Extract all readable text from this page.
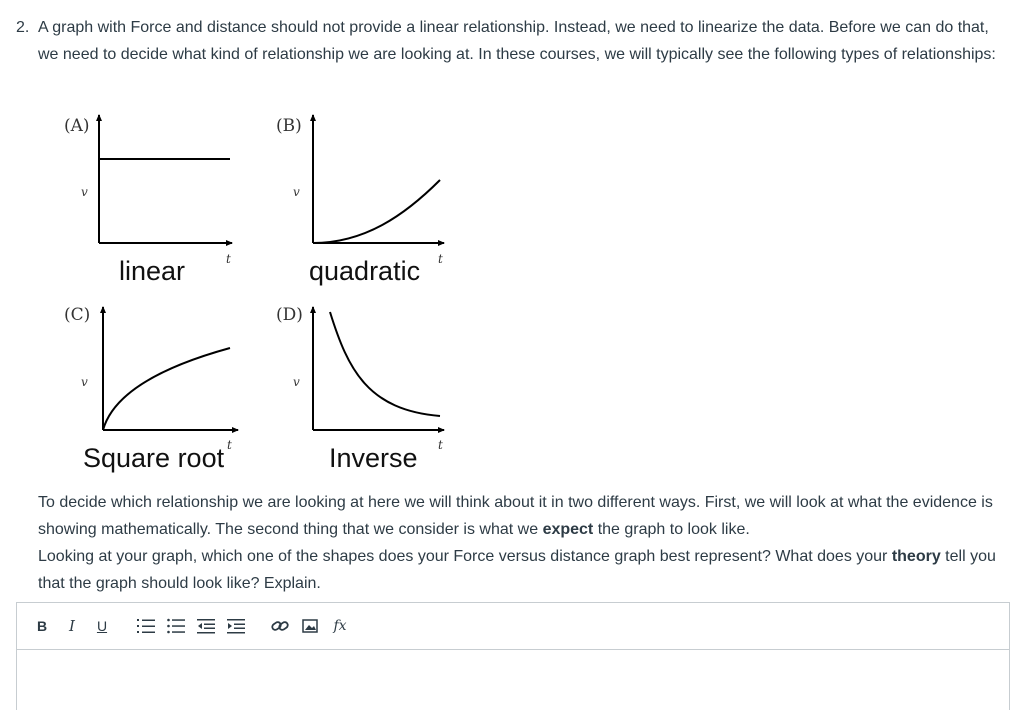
2. A graph with Force and distance should not provide a linear relationship. Instead, we need to linearize the data. Before we can do that, we need to decide what kind of relationship we are looking at. In these courses, we will typically see the following types of relationships:
(A)
v
t
linear
(B)
v
t
quadratic
(C)
v
t
Square root
(D)
v
t
Inverse

To decide which relationship we are looking at here we will think about it in two different ways. First, we will look at what the evidence is showing mathematically. The second thing that we consider is what we expect the graph to look like.

Looking at your graph, which one of the shapes does your Force versus distance graph best represent? What does your theory tell you that the graph should look like? Explain.

B	I	U	fx
